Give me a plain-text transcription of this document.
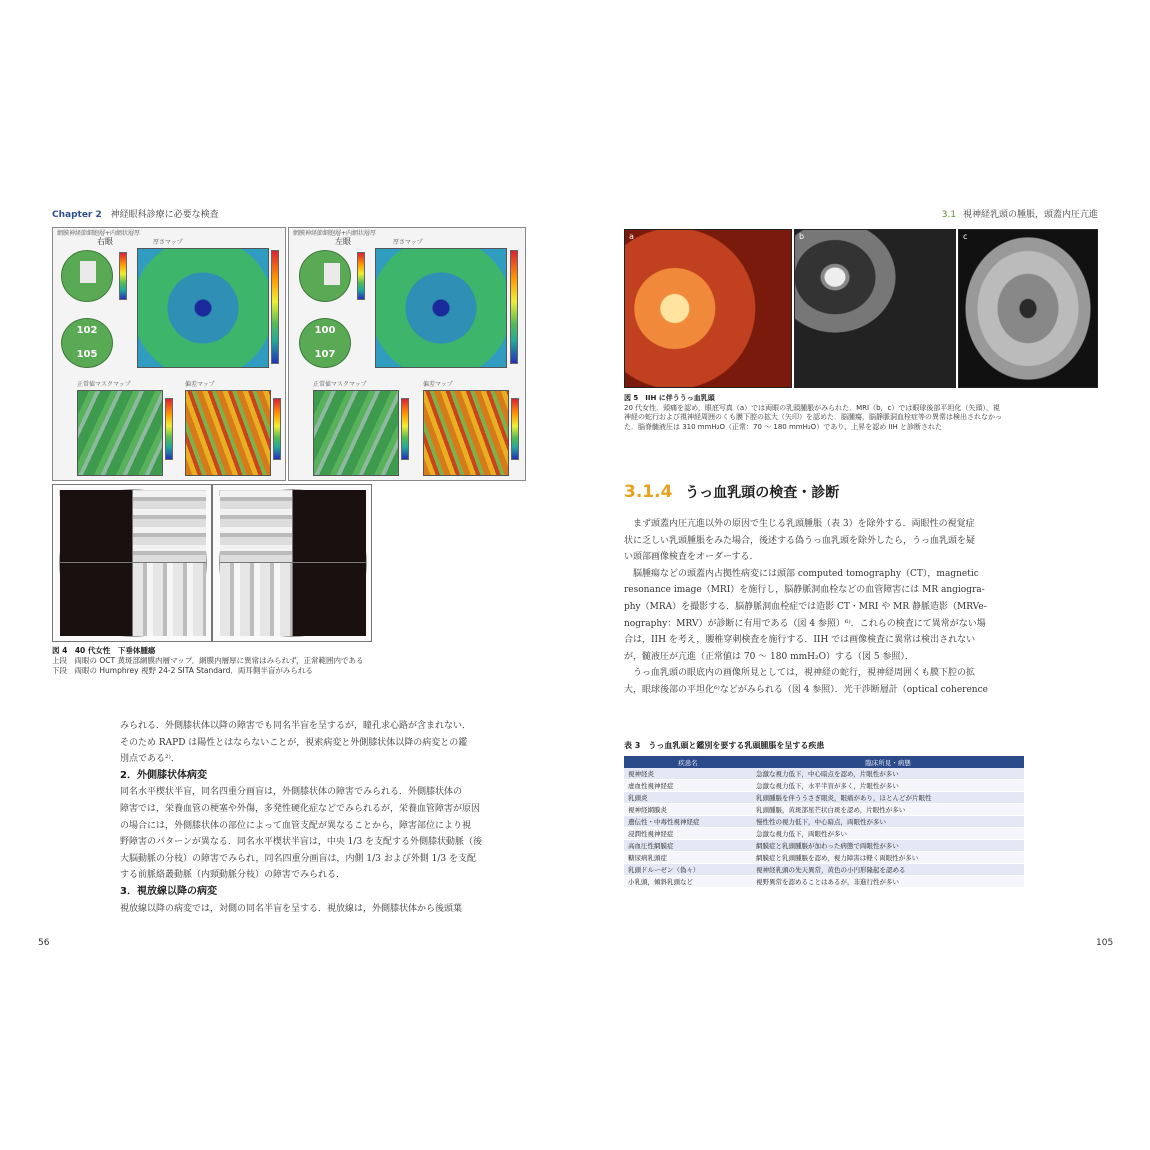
Chapter 2 神経眼科診療に必要な検査
網膜神経節細胞層+内網状層厚
右眼	厚さマップ
102
105
正常値マスクマップ	偏差マップ
網膜神経節細胞層+内網状層厚
左眼	厚さマップ
100
107
正常値マスクマップ	偏差マップ
図 4　40 代女性　下垂体腫瘍
上段　両眼の OCT 黄斑部網膜内層マップ．網膜内層厚に異常はみられず，正常範囲内である
下段　両眼の Humphrey 視野 24-2 SITA Standard．両耳側半盲がみられる
みられる．外側膝状体以降の障害でも同名半盲を呈するが，瞳孔求心路が含まれない．
そのため RAPD は陽性とはならないことが，視索病変と外側膝状体以降の病変との鑑
別点である²⁾．
2．外側膝状体病変
同名水平楔状半盲，同名四重分画盲は，外側膝状体の障害でみられる．外側膝状体の
障害では，栄養血管の梗塞や外傷，多発性硬化症などでみられるが，栄養血管障害が原因
の場合には，外側膝状体の部位によって血管支配が異なることから，障害部位により視
野障害のパターンが異なる．同名水平楔状半盲は，中央 1/3 を支配する外側膝状動脈（後
大脳動脈の分枝）の障害でみられ，同名四重分画盲は，内側 1/3 および外側 1/3 を支配
する前脈絡叢動脈（内頸動脈分枝）の障害でみられる．
3．視放線以降の病変
視放線以降の病変では，対側の同名半盲を呈する．視放線は，外側膝状体から後頭葉
56
3.1 視神経乳頭の腫脹，頭蓋内圧亢進
a	b	c
図 5　IIH に伴ううっ血乳頭
20 代女性．頭痛を認め，眼底写真（a）では両眼の乳頭腫脹がみられた．MRI（b，c）では眼球後部平坦化（矢頭），視
神経の蛇行および視神経周囲のくも膜下腔の拡大（矢印）を認めた．脳腫瘍，脳静脈洞血栓症等の異常は検出されなかっ
た．脳脊髄液圧は 310 mmH₂O（正常：70 〜 180 mmH₂O）であり，上昇を認め IIH と診断された
3.1.4 うっ血乳頭の検査・診断
　まず頭蓋内圧亢進以外の原因で生じる乳頭腫脹（表 3）を除外する．両眼性の視覚症
状に乏しい乳頭腫脹をみた場合，後述する偽うっ血乳頭を除外したら，うっ血乳頭を疑
い頭部画像検査をオーダーする．
　脳腫瘍などの頭蓋内占拠性病変には頭部 computed tomography（CT），magnetic
resonance image（MRI）を施行し，脳静脈洞血栓などの血管障害には MR angiogra-
phy（MRA）を撮影する．脳静脈洞血栓症では造影 CT・MRI や MR 静脈造影（MRVe-
nography：MRV）が診断に有用である（図 4 参照）⁶⁾．これらの検査にて異常がない場
合は，IIH を考え，腰椎穿刺検査を施行する．IIH では画像検査に異常は検出されない
が，髄液圧が亢進（正常値は 70 〜 180 mmH₂O）する（図 5 参照）．
　うっ血乳頭の眼底内の画像所見としては，視神経の蛇行，視神経周囲くも膜下腔の拡
大，眼球後部の平坦化⁶⁾などがみられる（図 4 参照）．光干渉断層計（optical coherence
表 3　うっ血乳頭と鑑別を要する乳頭腫脹を呈する疾患
疾患名	臨床所見・病態
視神経炎	急激な視力低下，中心暗点を認め，片眼性が多い
虚血性視神経症	急激な視力低下，水平半盲が多く，片眼性が多い
乳頭炎	乳頭腫脹を伴ううさぎ眼炎，眼痛があり，ほとんどが片眼性
視神経網膜炎	乳頭腫脹，黄斑部星芒状白斑を認め，片眼性が多い
遺伝性・中毒性視神経症	慢性性の視力低下，中心暗点，両眼性が多い
浸潤性視神経症	急激な視力低下，両眼性が多い
高血圧性網膜症	網膜症と乳頭腫脹が加わった病態で両眼性が多い
糖尿病乳頭症	網膜症と乳頭腫脹を認め，視力障害は軽く両眼性が多い
乳頭ドルーゼン（偽々）	視神経乳頭の先天異常，黄色の小円形隆起を認める
小乳頭，傾斜乳頭など	視野異常を認めることはあるが，非進行性が多い
105
